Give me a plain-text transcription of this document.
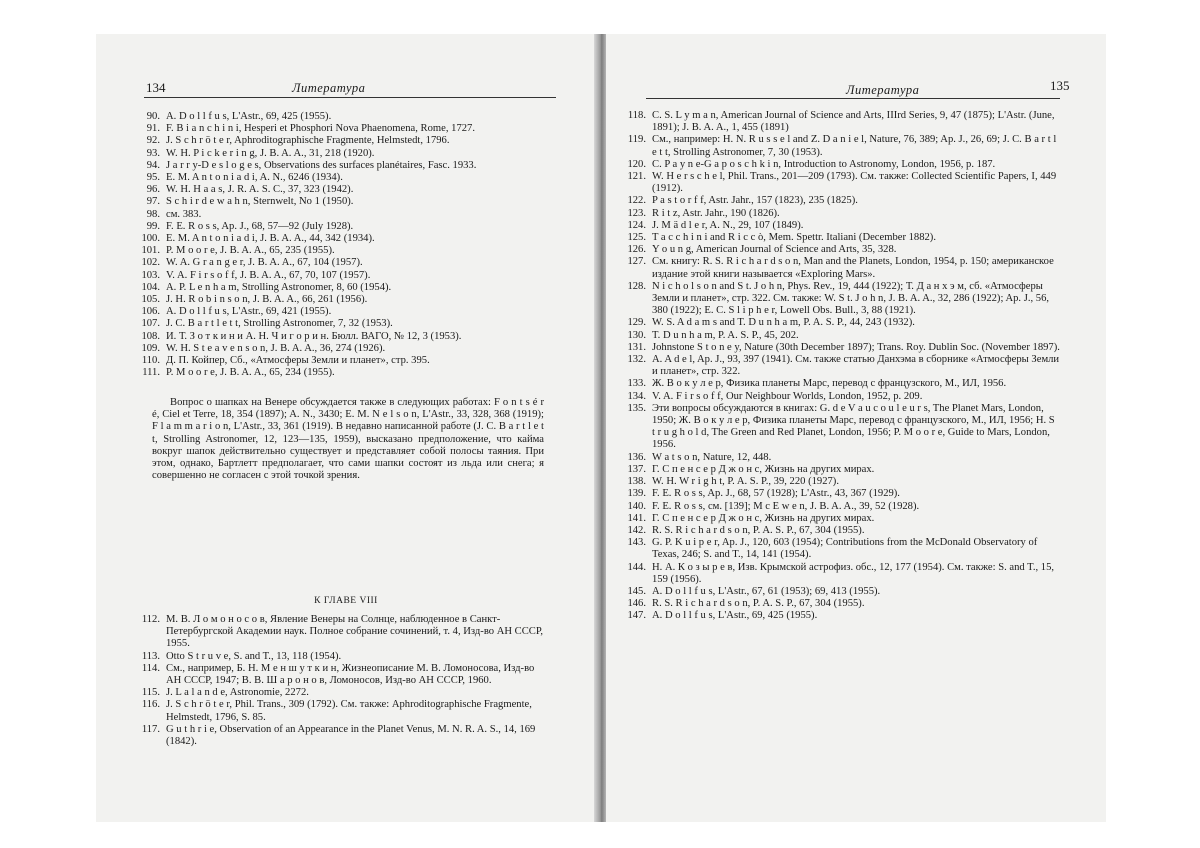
134	Литература
90. A. D o l l f u s, L'Astr., 69, 425 (1955).
91. F. B i a n c h i n i, Hesperi et Phosphori Nova Phaenomena, Rome, 1727.
92. J. S c h r ö t e r, Aphroditographische Fragmente, Helmstedt, 1796.
93. W. H. P i c k e r i n g, J. B. A. A., 31, 218 (1920).
94. J a r r y-D e s l o g e s, Observations des surfaces planétaires, Fasc. 1933.
95. E. M. A n t o n i a d i, A. N., 6246 (1934).
96. W. H. H a a s, J. R. A. S. C., 37, 323 (1942).
97. S c h i r d e w a h n, Sternwelt, No 1 (1950).
98. см. 383.
99. F. E. R o s s, Ap. J., 68, 57—92 (July 1928).
100. E. M. A n t o n i a d i, J. B. A. A., 44, 342 (1934).
101. P. M o o r e, J. B. A. A., 65, 235 (1955).
102. W. A. G r a n g e r, J. B. A. A., 67, 104 (1957).
103. V. A. F i r s o f f, J. B. A. A., 67, 70, 107 (1957).
104. A. P. L e n h a m, Strolling Astronomer, 8, 60 (1954).
105. J. H. R o b i n s o n, J. B. A. A., 66, 261 (1956).
106. A. D o l l f u s, L'Astr., 69, 421 (1955).
107. J. C. B a r t l e t t, Strolling Astronomer, 7, 32 (1953).
108. И. Т. З о т к и н и А. Н. Ч и г о р и н. Бюлл. ВАГО, № 12, 3 (1953).
109. W. H. S t e a v e n s o n, J. B. A. A., 36, 274 (1926).
110. Д. П. Койпер, Сб., «Атмосферы Земли и планет», стр. 395.
111. P. M o o r e, J. B. A. A., 65, 234 (1955).
Вопрос о шапках на Венере обсуждается также в следующих работах: F o n t s é r é, Ciel et Terre, 18, 354 (1897); A. N., 3430; E. M. N e l s o n, L'Astr., 33, 328, 368 (1919); F l a m m a r i o n, L'Astr., 33, 361 (1919). В недавно написанной работе (J. C. B a r t l e t t, Strolling Astronomer, 12, 123—135, 1959), высказано предположение, что кайма вокруг шапок действительно существует и представляет собой полосы таяния. При этом, однако, Бартлетт предполагает, что сами шапки состоят из льда или снега; я совершенно не согласен с этой точкой зрения.
К ГЛАВЕ VIII
112. М. В. Л о м о н о с о в, Явление Венеры на Солнце, наблюденное в Санкт-Петербургской Академии наук. Полное собрание сочинений, т. 4, Изд-во АН СССР, 1955.
113. Otto S t r u v e, S. and T., 13, 118 (1954).
114. См., например, Б. Н. М е н ш у т к и н, Жизнеописание М. В. Ломоносова, Изд-во АН СССР, 1947; В. В. Ш а р о н о в, Ломоносов, Изд-во АН СССР, 1960.
115. J. L a l a n d e, Astronomie, 2272.
116. J. S c h r ö t e r, Phil. Trans., 309 (1792). См. также: Aphroditographische Fragmente, Helmstedt, 1796, S. 85.
117. G u t h r i e, Observation of an Appearance in the Planet Venus, M. N. R. A. S., 14, 169 (1842).
Литература	135
118. C. S. L y m a n, American Journal of Science and Arts, IIIrd Series, 9, 47 (1875); L'Astr. (June, 1891); J. B. A. A., 1, 455 (1891)
119. См., например: H. N. R u s s e l and Z. D a n i e l, Nature, 76, 389; Ap. J., 26, 69; J. C. B a r t l e t t, Strolling Astronomer, 7, 30 (1953).
120. C. P a y n e-G a p o s c h k i n, Introduction to Astronomy, London, 1956, p. 187.
121. W. H e r s c h e l, Phil. Trans., 201—209 (1793). См. также: Collected Scientific Papers, I, 449 (1912).
122. P a s t o r f f, Astr. Jahr., 157 (1823), 235 (1825).
123. R i t z, Astr. Jahr., 190 (1826).
124. J. M ä d l e r, A. N., 29, 107 (1849).
125. T a c c h i n i and R i c c ò, Mem. Spettr. Italiani (December 1882).
126. Y o u n g, American Journal of Science and Arts, 35, 328.
127. См. книгу: R. S. R i c h a r d s o n, Man and the Planets, London, 1954, p. 150; американское издание этой книги называется «Exploring Mars».
128. N i c h o l s o n and S t. J o h n, Phys. Rev., 19, 444 (1922); Т. Д а н х э м, сб. «Атмосферы Земли и планет», стр. 322. См. также: W. S t. J o h n, J. B. A. A., 32, 286 (1922); Ap. J., 56, 380 (1922); E. C. S l i p h e r, Lowell Obs. Bull., 3, 88 (1921).
129. W. S. A d a m s and T. D u n h a m, P. A. S. P., 44, 243 (1932).
130. T. D u n h a m, P. A. S. P., 45, 202.
131. Johnstone S t o n e y, Nature (30th December 1897); Trans. Roy. Dublin Soc. (November 1897).
132. A. A d e l, Ap. J., 93, 397 (1941). См. также статью Данхэма в сборнике «Атмосферы Земли и планет», стр. 322.
133. Ж. В о к у л е р, Физика планеты Марс, перевод с французского, М., ИЛ, 1956.
134. V. A. F i r s o f f, Our Neighbour Worlds, London, 1952, p. 209.
135. Эти вопросы обсуждаются в книгах: G. d e V a u c o u l e u r s, The Planet Mars, London, 1950; Ж. В о к у л е р, Физика планеты Марс, перевод с французского, М., ИЛ, 1956; H. S t r u g h o l d, The Green and Red Planet, London, 1956; P. M o o r e, Guide to Mars, London, 1956.
136. W a t s o n, Nature, 12, 448.
137. Г. С п е н с е р Д ж о н с, Жизнь на других мирах.
138. W. H. W r i g h t, P. A. S. P., 39, 220 (1927).
139. F. E. R o s s, Ap. J., 68, 57 (1928); L'Astr., 43, 367 (1929).
140. F. E. R o s s, см. [139]; M c E w e n, J. B. A. A., 39, 52 (1928).
141. Г. С п е н с е р Д ж о н с, Жизнь на других мирах.
142. R. S. R i c h a r d s o n, P. A. S. P., 67, 304 (1955).
143. G. P. K u i p e r, Ap. J., 120, 603 (1954); Contributions from the McDonald Observatory of Texas, 246; S. and T., 14, 141 (1954).
144. Н. А. К о з ы р е в, Изв. Крымской астрофиз. обс., 12, 177 (1954). См. также: S. and T., 15, 159 (1956).
145. A. D o l l f u s, L'Astr., 67, 61 (1953); 69, 413 (1955).
146. R. S. R i c h a r d s o n, P. A. S. P., 67, 304 (1955).
147. A. D o l l f u s, L'Astr., 69, 425 (1955).
